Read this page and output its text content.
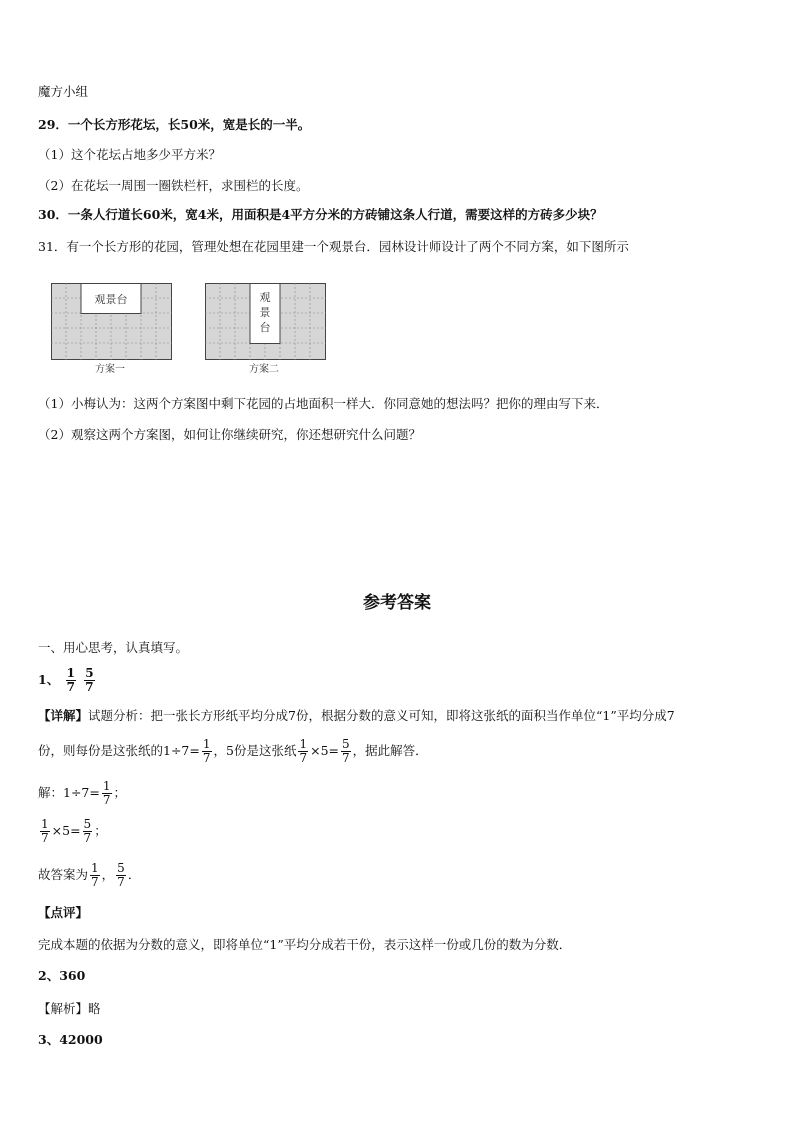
魔方小组
29．一个长方形花坛，长50米，宽是长的一半。
（1）这个花坛占地多少平方米？
（2）在花坛一周围一圈铁栏杆，求围栏的长度。
30．一条人行道长60米，宽4米，用面积是4平方分米的方砖铺这条人行道，需要这样的方砖多少块？
31．有一个长方形的花园，管理处想在花园里建一个观景台．园林设计师设计了两个不同方案，如下图所示
观景台
方案一
观
景
台
方案二
（1）小梅认为：这两个方案图中剩下花园的占地面积一样大．你同意她的想法吗？把你的理由写下来．
（2）观察这两个方案图，如何让你继续研究，你还想研究什么问题？
参考答案
一、用心思考，认真填写。
1、 $\frac{1}{7}$
$\frac{5}{7}$
【详解】试题分析：把一张长方形纸平均分成7份，根据分数的意义可知，即将这张纸的面积当作单位“1”平均分成7
份，则每份是这张纸的$1\div 7= \frac{1}{7}$ ，5份是这张纸 $\frac{1}{7} \times 5= \frac{5}{7}$ ，据此解答．
解：$1\div 7= \frac{1}{7}$ ；
$\frac{1}{7} \times 5= \frac{5}{7}$ ；
故答案为 $\frac{1}{7}$ ， $\frac{5}{7}$ ．
【点评】
完成本题的依据为分数的意义，即将单位“1”平均分成若干份，表示这样一份或几份的数为分数．
2、360
【解析】略
3、42000
